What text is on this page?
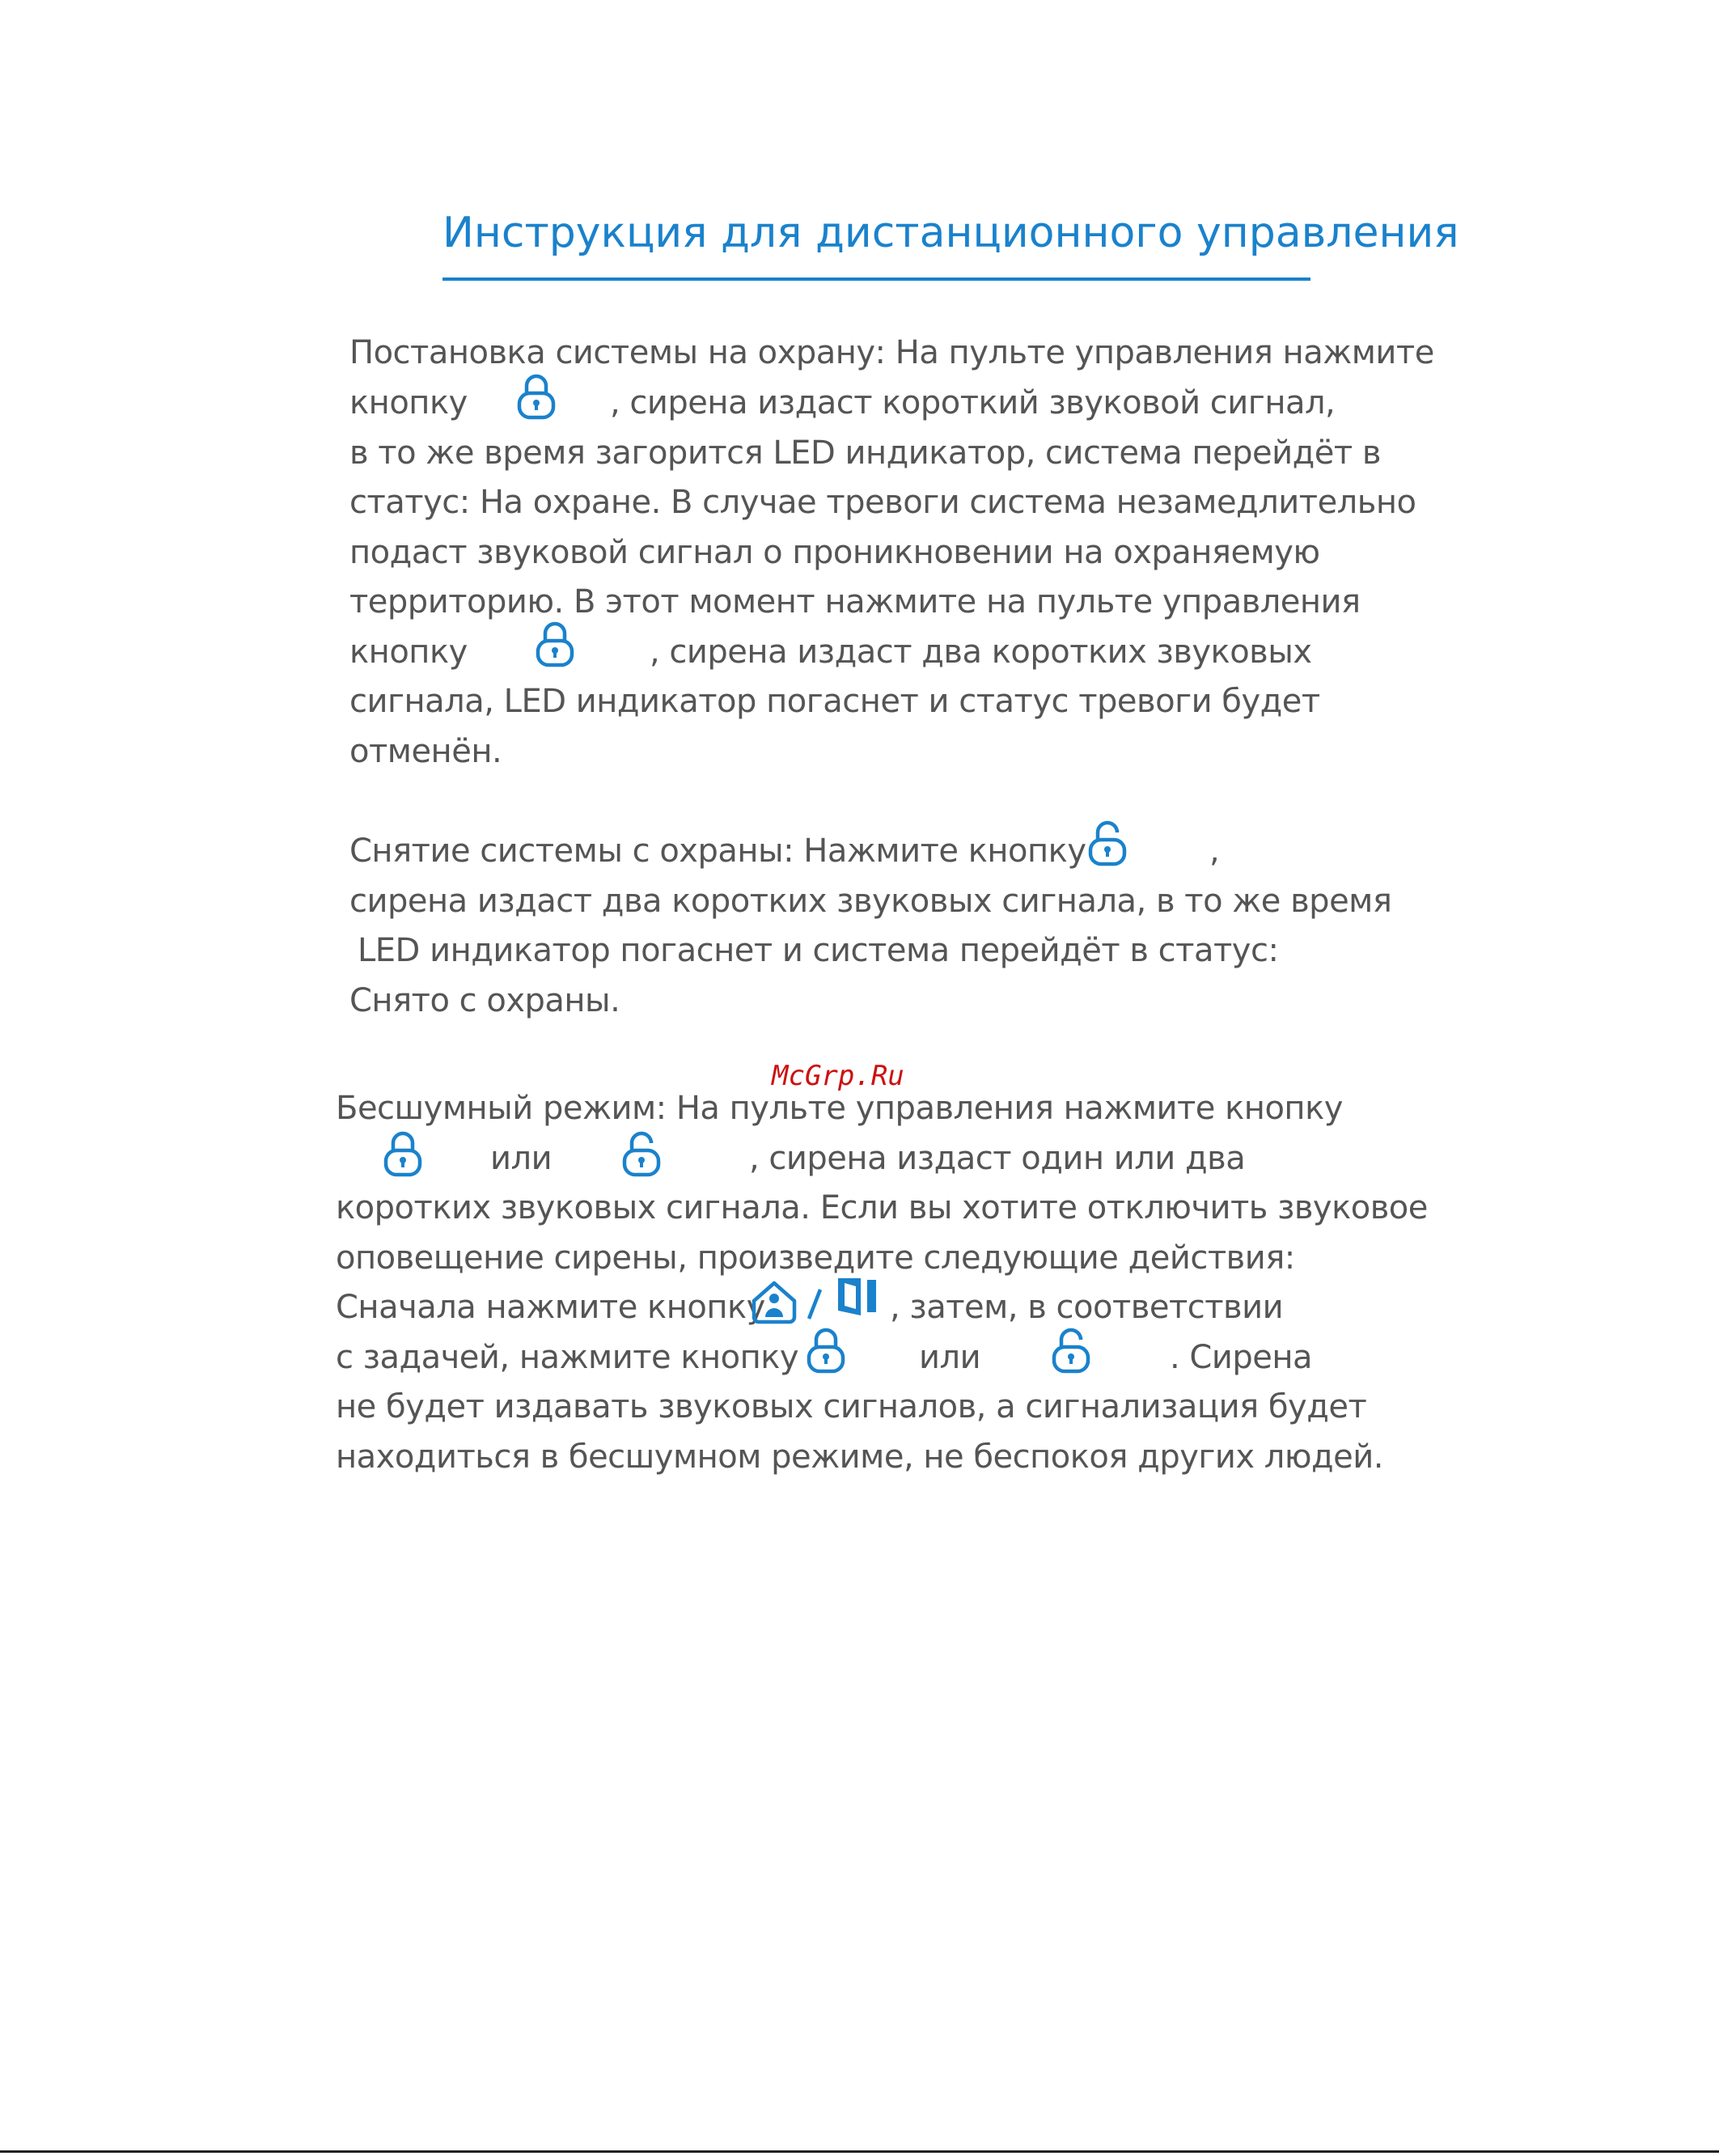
Инструкция для дистанционного управления
Постановка системы на охрану: На пульте управления нажмите
кнопку	, сирена издаст короткий звуковой сигнал,
в то же время загорится LED индикатор, система перейдёт в
статус: На охране. В случае тревоги система незамедлительно
подаст звуковой сигнал о проникновении на охраняемую
территорию. В этот момент нажмите на пульте управления
кнопку	, сирена издаст два коротких звуковых
сигнала, LED индикатор погаснет и статус тревоги будет
отменён.
Снятие системы с охраны: Нажмите кнопку	,
сирена издаст два коротких звуковых сигнала, в то же время
LED индикатор погаснет и система перейдёт в статус:
Снято с охраны.
McGrp.Ru
Бесшумный режим: На пульте управления нажмите кнопку
или	, сирена издаст один или два
коротких звуковых сигнала. Если вы хотите отключить звуковое
оповещение сирены, произведите следующие действия:
Сначала нажмите кнопку	, затем, в соответствии
с задачей, нажмите кнопку	или	. Сирена
не будет издавать звуковых сигналов, а сигнализация будет
находиться в бесшумном режиме, не беспокоя других людей.
